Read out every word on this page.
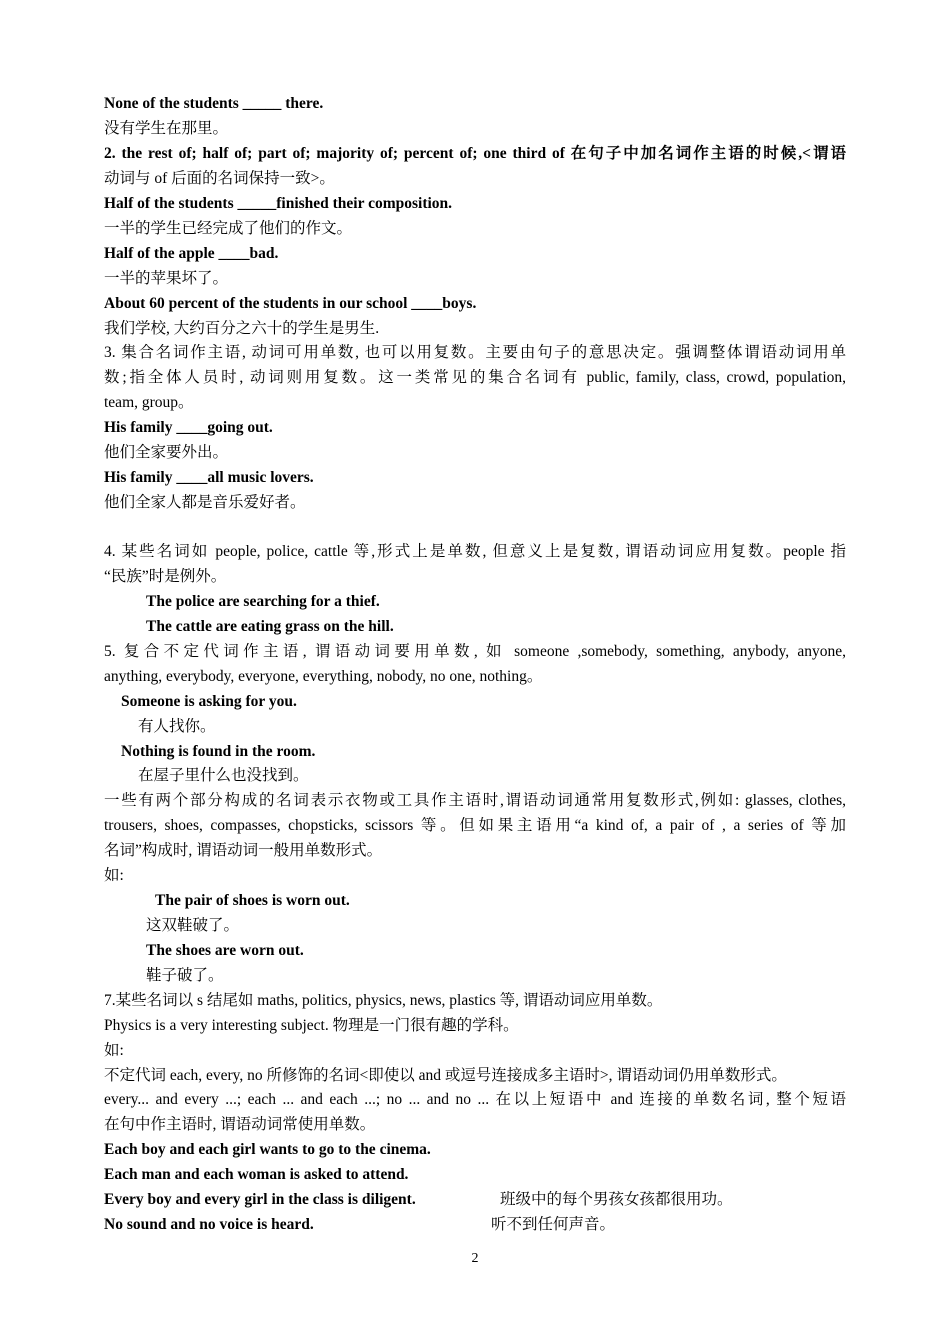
None of the students _____ there.
没有学生在那里。
2. the rest of; half of; part of; majority of; percent of; one third of 在句子中加名词作主语的时候,<谓语
动词与 of 后面的名词保持一致>。
Half of the students _____finished their composition.
一半的学生已经完成了他们的作文。
Half of the apple ____bad.
一半的苹果坏了。
About 60 percent of the students in our school ____boys.
我们学校, 大约百分之六十的学生是男生.
3. 集合名词作主语, 动词可用单数, 也可以用复数。主要由句子的意思决定。强调整体谓语动词用单
数;指全体人员时, 动词则用复数。这一类常见的集合名词有 public, family, class, crowd, population,
team, group。
His family ____going out.
他们全家要外出。
His family ____all music lovers.
他们全家人都是音乐爱好者。
4. 某些名词如 people, police, cattle 等,形式上是单数, 但意义上是复数, 谓语动词应用复数。people 指
“民族”时是例外。
The police are searching for a thief.
The cattle are eating grass on the hill.
5. 复合不定代词作主语, 谓语动词要用单数, 如 someone ,somebody, something, anybody, anyone,
anything, everybody, everyone, everything, nobody, no one, nothing。
Someone is asking for you.
有人找你。
Nothing is found in the room.
在屋子里什么也没找到。
一些有两个部分构成的名词表示衣物或工具作主语时,谓语动词通常用复数形式,例如: glasses, clothes,
trousers, shoes, compasses, chopsticks, scissors 等。但如果主语用“a kind of, a pair of , a series of 等加
名词”构成时, 谓语动词一般用单数形式。
如:
The pair of shoes is worn out.
这双鞋破了。
The shoes are worn out.
鞋子破了。
7.某些名词以 s 结尾如 maths, politics, physics, news, plastics 等, 谓语动词应用单数。
Physics is a very interesting subject. 物理是一门很有趣的学科。
如:
不定代词 each, every, no 所修饰的名词<即使以 and 或逗号连接成多主语时>, 谓语动词仍用单数形式。
every... and every ...; each ... and each ...; no ... and no ... 在以上短语中 and 连接的单数名词, 整个短语
在句中作主语时, 谓语动词常使用单数。
Each boy and each girl wants to go to the cinema.
Each man and each woman is asked to attend.
Every boy and every girl in the class is diligent.	班级中的每个男孩女孩都很用功。
No sound and no voice is heard.	听不到任何声音。
2
